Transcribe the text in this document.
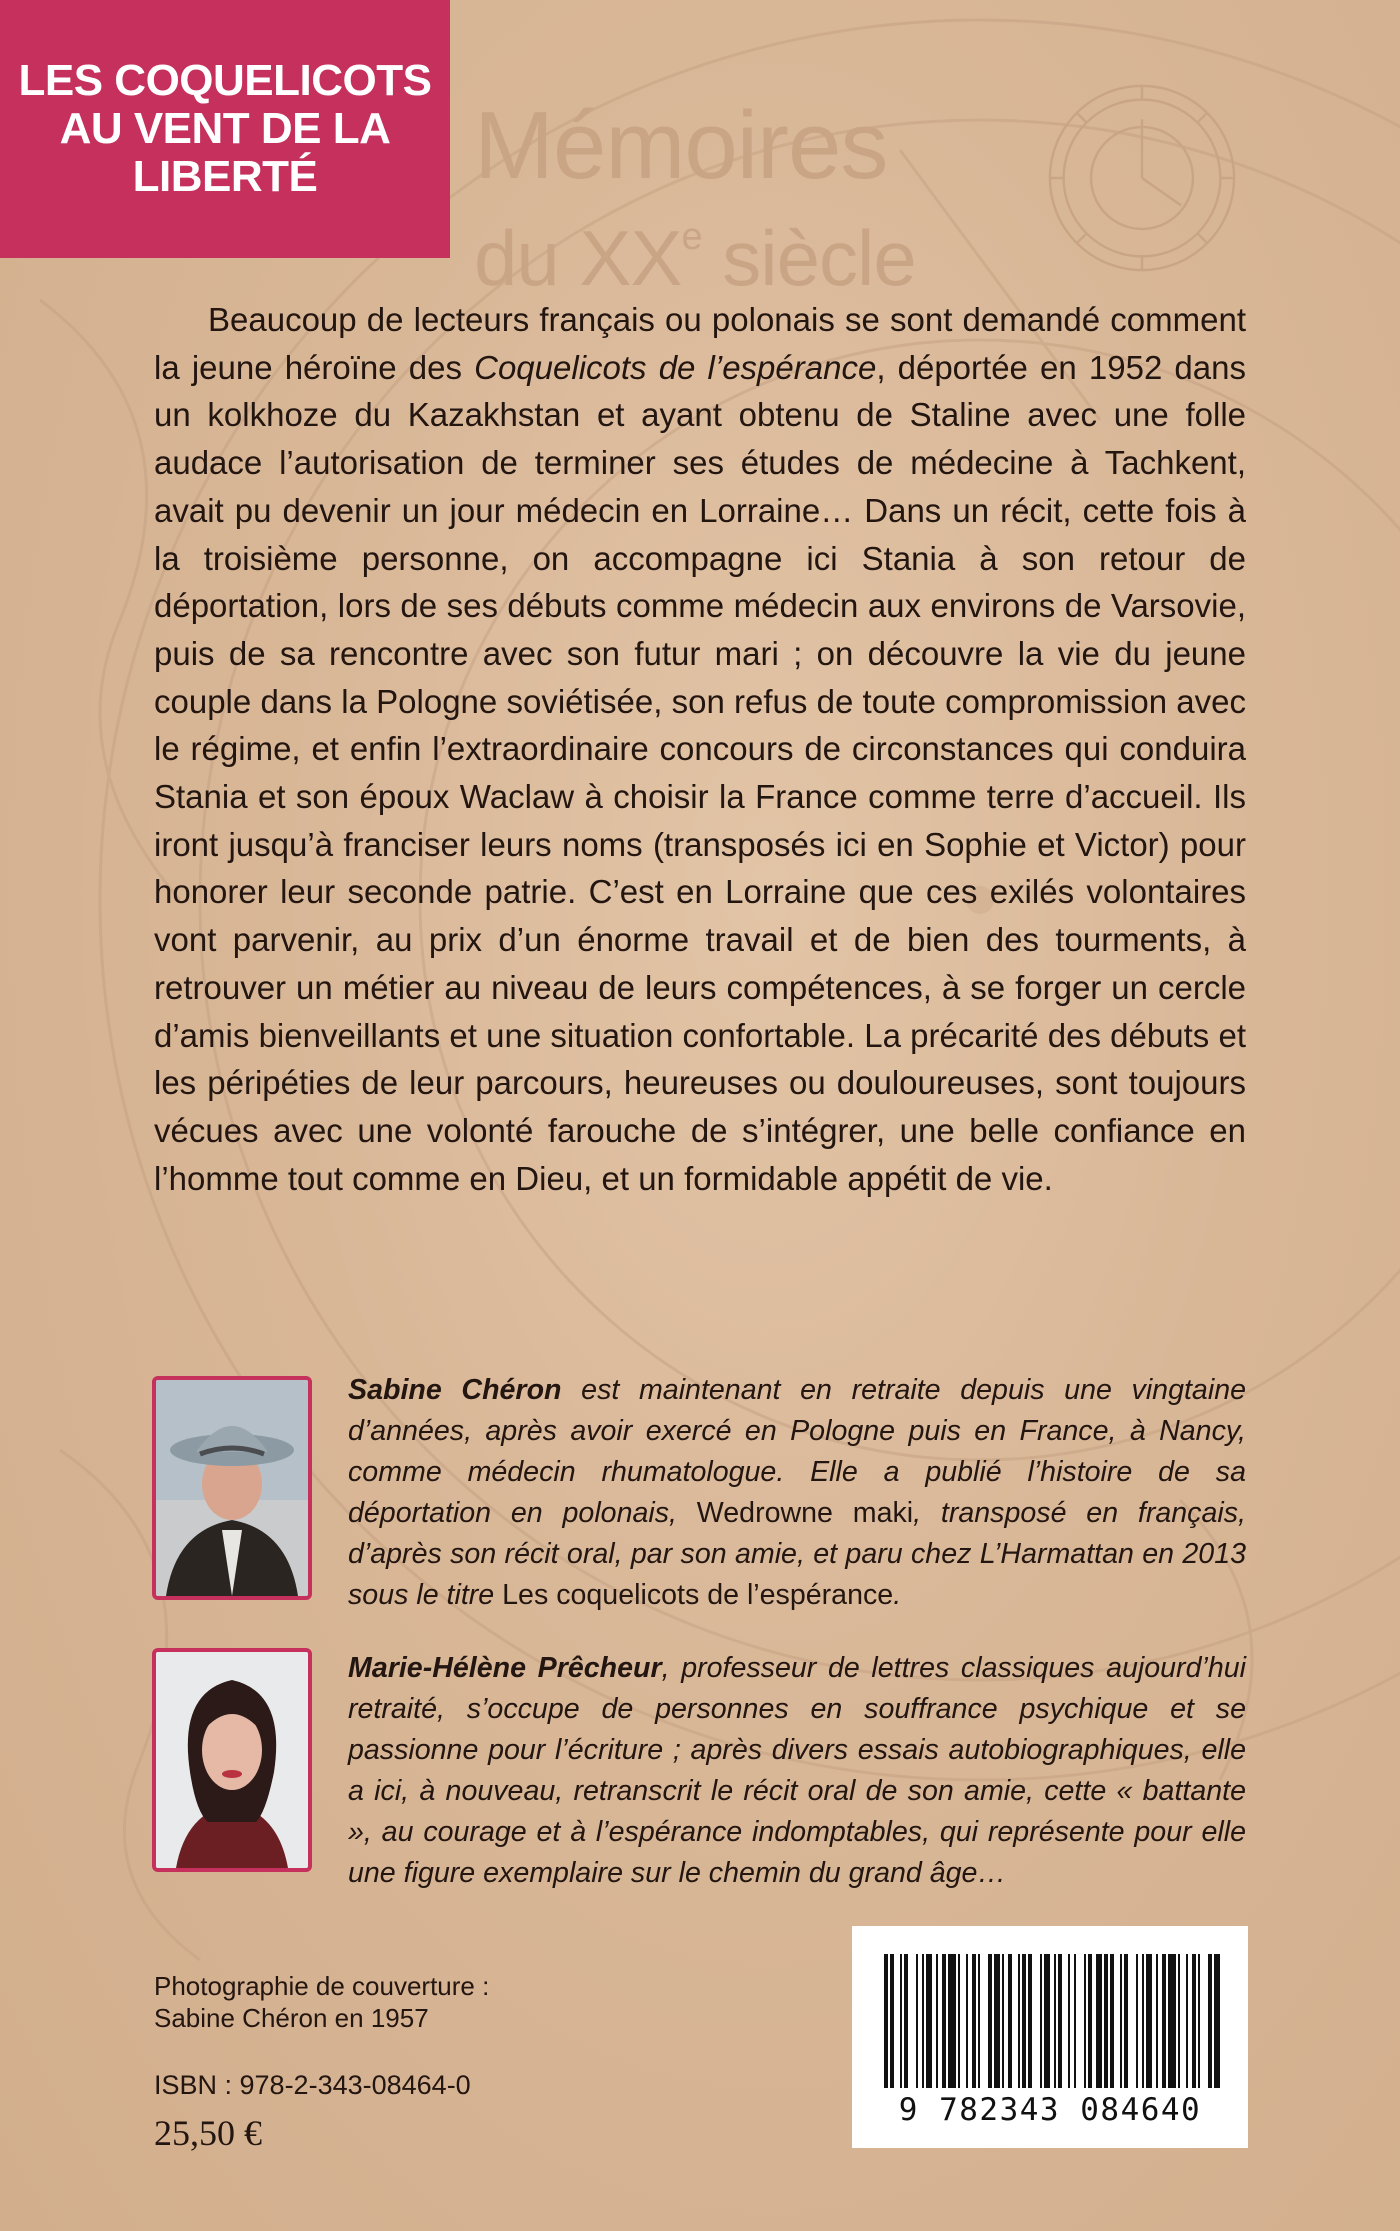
LES COQUELICOTS AU VENT DE LA LIBERTÉ	Mémoires
du XXe siècle

Beaucoup de lecteurs français ou polonais se sont demandé comment la jeune héroïne des Coquelicots de l’espérance, déportée en 1952 dans un kolkhoze du Kazakhstan et ayant obtenu de Staline avec une folle audace l’autorisation de terminer ses études de médecine à Tachkent, avait pu devenir un jour médecin en Lorraine… Dans un récit, cette fois à la troisième personne, on accompagne ici Stania à son retour de déportation, lors de ses débuts comme médecin aux environs de Varsovie, puis de sa rencontre avec son futur mari ; on découvre la vie du jeune couple dans la Pologne soviétisée, son refus de toute compromission avec le régime, et enfin l’extraordinaire concours de circonstances qui conduira Stania et son époux Waclaw à choisir la France comme terre d’accueil. Ils iront jusqu’à franciser leurs noms (transposés ici en Sophie et Victor) pour honorer leur seconde patrie. C’est en Lorraine que ces exilés volontaires vont parvenir, au prix d’un énorme travail et de bien des tourments, à retrouver un métier au niveau de leurs compétences, à se forger un cercle d’amis bienveillants et une situation confortable. La précarité des débuts et les péripéties de leur parcours, heureuses ou douloureuses, sont toujours vécues avec une volonté farouche de s’intégrer, une belle confiance en l’homme tout comme en Dieu, et un formidable appétit de vie.

Sabine Chéron est maintenant en retraite depuis une vingtaine d’années, après avoir exercé en Pologne puis en France, à Nancy, comme médecin rhumatologue. Elle a publié l’histoire de sa déportation en polonais, Wedrowne maki, transposé en français, d’après son récit oral, par son amie, et paru chez L’Harmattan en 2013 sous le titre Les coquelicots de l’espérance.

Marie-Hélène Prêcheur, professeur de lettres classiques aujourd’hui retraité, s’occupe de personnes en souffrance psychique et se passionne pour l’écriture ; après divers essais autobiographiques, elle a ici, à nouveau, retranscrit le récit oral de son amie, cette « battante », au courage et à l’espérance indomptables, qui représente pour elle une figure exemplaire sur le chemin du grand âge…

Photographie de couverture :
Sabine Chéron en 1957
ISBN : 978-2-343-08464-0
25,50 €
9 782343 084640
